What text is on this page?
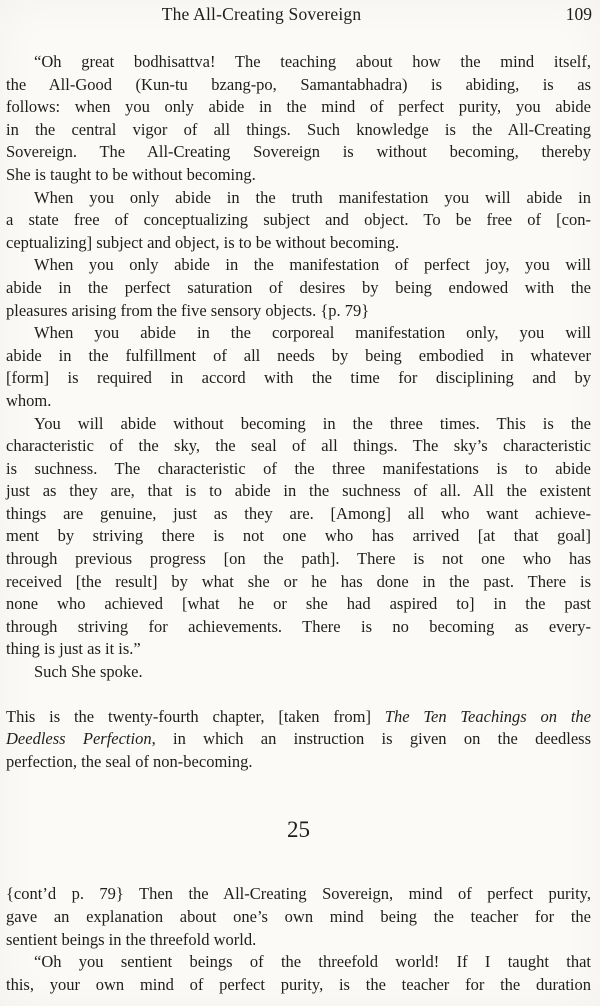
The All-Creating Sovereign	109
“Oh great bodhisattva! The teaching about how the mind itself,
the All-Good (Kun-tu bzang-po, Samantabhadra) is abiding, is as
follows: when you only abide in the mind of perfect purity, you abide
in the central vigor of all things. Such knowledge is the All-Creating
Sovereign. The All-Creating Sovereign is without becoming, thereby
She is taught to be without becoming.
When you only abide in the truth manifestation you will abide in
a state free of conceptualizing subject and object. To be free of [con-
ceptualizing] subject and object, is to be without becoming.
When you only abide in the manifestation of perfect joy, you will
abide in the perfect saturation of desires by being endowed with the
pleasures arising from the five sensory objects. {p. 79}
When you abide in the corporeal manifestation only, you will
abide in the fulfillment of all needs by being embodied in whatever
[form] is required in accord with the time for disciplining and by
whom.
You will abide without becoming in the three times. This is the
characteristic of the sky, the seal of all things. The sky’s characteristic
is suchness. The characteristic of the three manifestations is to abide
just as they are, that is to abide in the suchness of all. All the existent
things are genuine, just as they are. [Among] all who want achieve-
ment by striving there is not one who has arrived [at that goal]
through previous progress [on the path]. There is not one who has
received [the result] by what she or he has done in the past. There is
none who achieved [what he or she had aspired to] in the past
through striving for achievements. There is no becoming as every-
thing is just as it is.”
Such She spoke.
This is the twenty-fourth chapter, [taken from] The Ten Teachings on the
Deedless Perfection, in which an instruction is given on the deedless
perfection, the seal of non-becoming.
25
{cont’d p. 79} Then the All-Creating Sovereign, mind of perfect purity,
gave an explanation about one’s own mind being the teacher for the
sentient beings in the threefold world.
“Oh you sentient beings of the threefold world! If I taught that
this, your own mind of perfect purity, is the teacher for the duration
